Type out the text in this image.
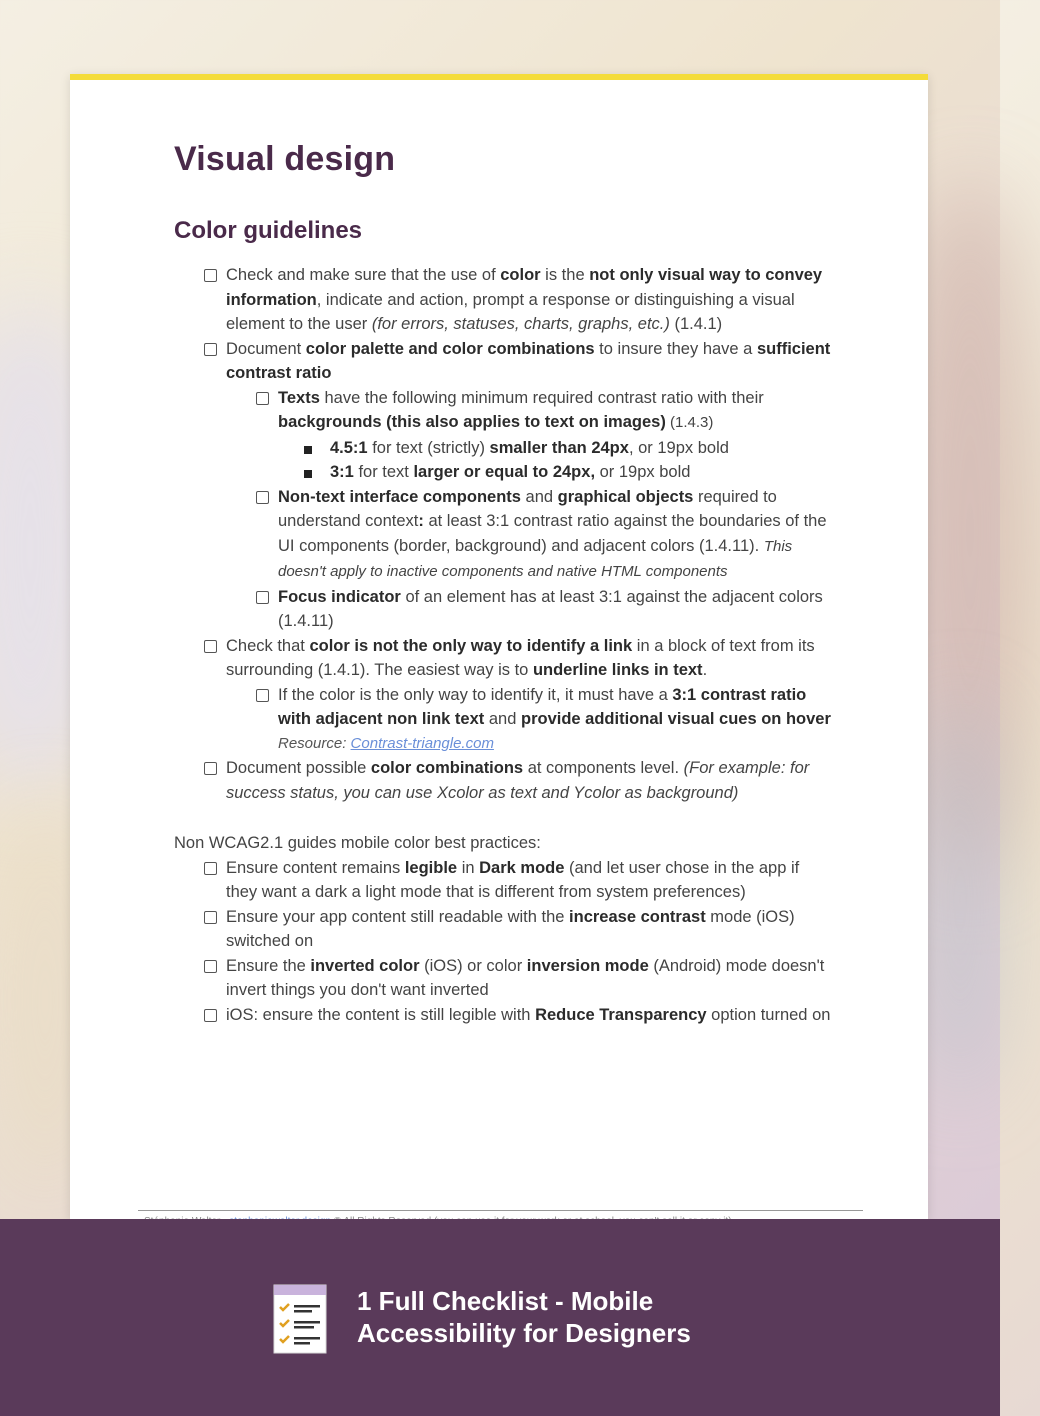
Visual design
Color guidelines
Check and make sure that the use of color is the not only visual way to convey information, indicate and action, prompt a response or distinguishing a visual element to the user (for errors, statuses, charts, graphs, etc.) (1.4.1)
Document color palette and color combinations to insure they have a sufficient contrast ratio
Texts have the following minimum required contrast ratio with their backgrounds (this also applies to text on images) (1.4.3)
4.5:1 for text (strictly) smaller than 24px, or 19px bold
3:1 for text larger or equal to 24px, or 19px bold
Non-text interface components and graphical objects required to understand context: at least 3:1 contrast ratio against the boundaries of the UI components (border, background) and adjacent colors (1.4.11). This doesn't apply to inactive components and native HTML components
Focus indicator of an element has at least 3:1 against the adjacent colors (1.4.11)
Check that color is not the only way to identify a link in a block of text from its surrounding (1.4.1). The easiest way is to underline links in text.
If the color is the only way to identify it, it must have a 3:1 contrast ratio with adjacent non link text and provide additional visual cues on hover
Resource: Contrast-triangle.com
Document possible color combinations at components level. (For example: for success status, you can use Xcolor as text and Ycolor as background)

Non WCAG2.1 guides mobile color best practices:

Ensure content remains legible in Dark mode (and let user chose in the app if they want a dark a light mode that is different from system preferences)
Ensure your app content still readable with the increase contrast mode (iOS) switched on
Ensure the inverted color (iOS) or color inversion mode (Android) mode doesn't invert things you don't want inverted
iOS: ensure the content is still legible with Reduce Transparency option turned on
1 Full Checklist - Mobile
Accessibility for Designers
